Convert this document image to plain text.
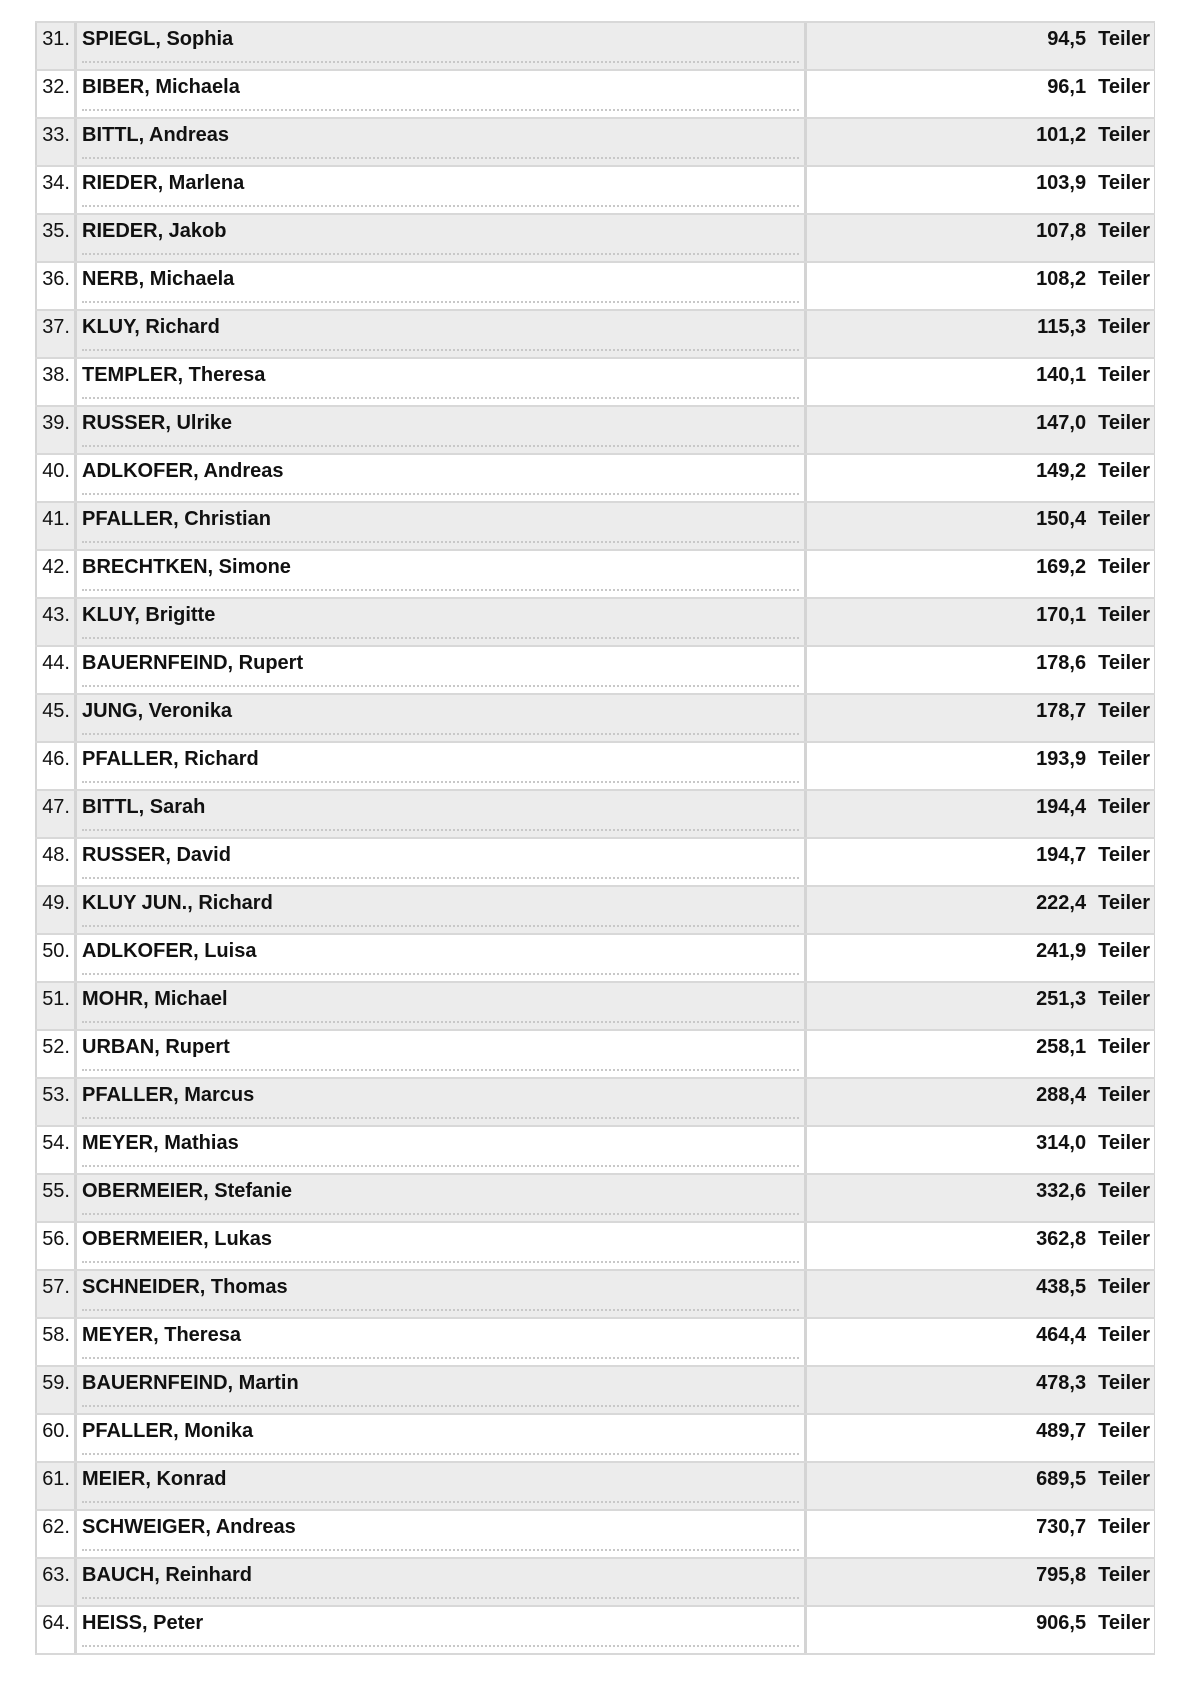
31. SPIEGL, Sophia	94,5 Teiler
32. BIBER, Michaela	96,1 Teiler
33. BITTL, Andreas	101,2 Teiler
34. RIEDER, Marlena	103,9 Teiler
35. RIEDER, Jakob	107,8 Teiler
36. NERB, Michaela	108,2 Teiler
37. KLUY, Richard	115,3 Teiler
38. TEMPLER, Theresa	140,1 Teiler
39. RUSSER, Ulrike	147,0 Teiler
40. ADLKOFER, Andreas	149,2 Teiler
41. PFALLER, Christian	150,4 Teiler
42. BRECHTKEN, Simone	169,2 Teiler
43. KLUY, Brigitte	170,1 Teiler
44. BAUERNFEIND, Rupert	178,6 Teiler
45. JUNG, Veronika	178,7 Teiler
46. PFALLER, Richard	193,9 Teiler
47. BITTL, Sarah	194,4 Teiler
48. RUSSER, David	194,7 Teiler
49. KLUY JUN., Richard	222,4 Teiler
50. ADLKOFER, Luisa	241,9 Teiler
51. MOHR, Michael	251,3 Teiler
52. URBAN, Rupert	258,1 Teiler
53. PFALLER, Marcus	288,4 Teiler
54. MEYER, Mathias	314,0 Teiler
55. OBERMEIER, Stefanie	332,6 Teiler
56. OBERMEIER, Lukas	362,8 Teiler
57. SCHNEIDER, Thomas	438,5 Teiler
58. MEYER, Theresa	464,4 Teiler
59. BAUERNFEIND, Martin	478,3 Teiler
60. PFALLER, Monika	489,7 Teiler
61. MEIER, Konrad	689,5 Teiler
62. SCHWEIGER, Andreas	730,7 Teiler
63. BAUCH, Reinhard	795,8 Teiler
64. HEISS, Peter	906,5 Teiler
